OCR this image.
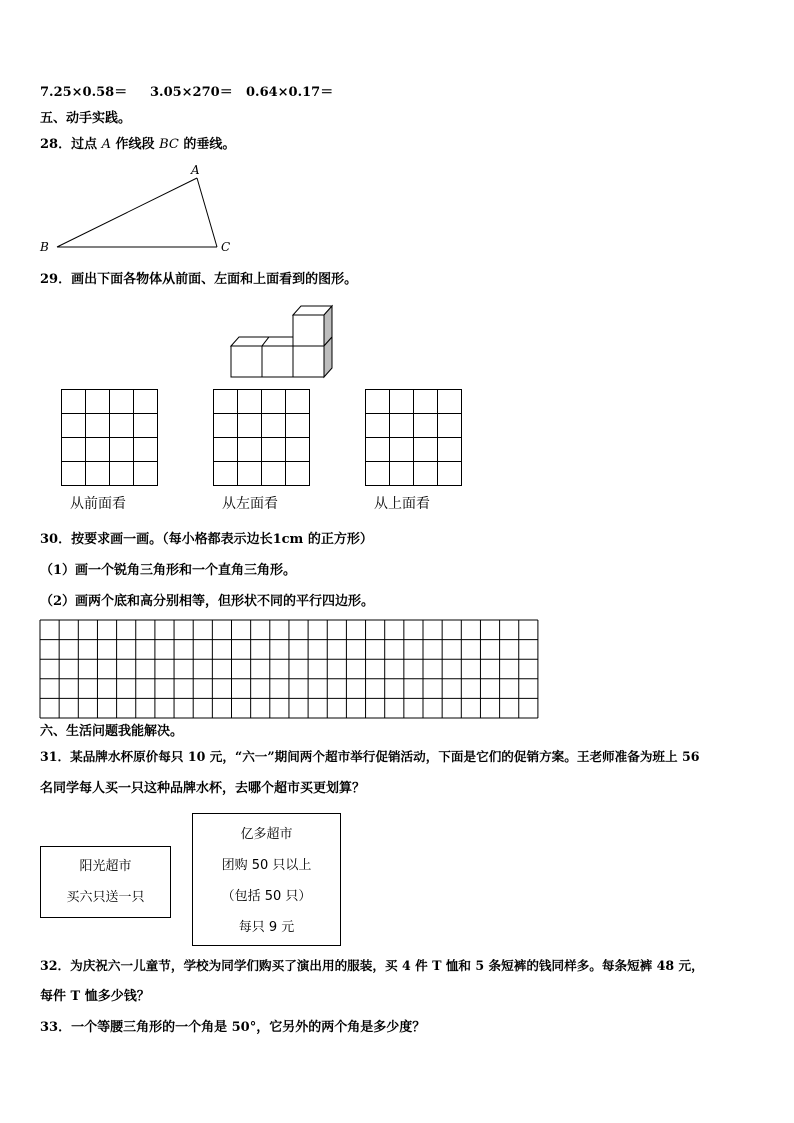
7.25×0.58＝ 3.05×270＝ 0.64×0.17＝
五、动手实践。
28．过点 A 作线段 BC 的垂线。
A
B	C
29．画出下面各物体从前面、左面和上面看到的图形。

从前面看	从左面看	从上面看
30．按要求画一画。（每小格都表示边长1cm 的正方形）
（1）画一个锐角三角形和一个直角三角形。
（2）画两个底和高分别相等，但形状不同的平行四边形。
六、生活问题我能解决。
31．某品牌水杯原价每只 10 元，“六一”期间两个超市举行促销活动，下面是它们的促销方案。王老师准备为班上 56
名同学每人买一只这种品牌水杯，去哪个超市买更划算？
阳光超市
买六只送一只
亿多超市
团购 50 只以上
（包括 50 只）
每只 9 元
32．为庆祝六一儿童节，学校为同学们购买了演出用的服装，买 4 件 T 恤和 5 条短裤的钱同样多。每条短裤 48 元，
每件 T 恤多少钱？
33．一个等腰三角形的一个角是 50°，它另外的两个角是多少度？
